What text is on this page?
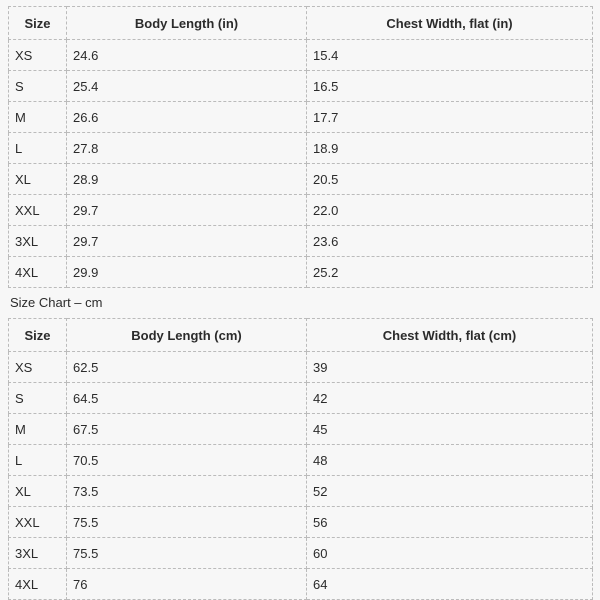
Size	Body Length (in)	Chest Width, flat (in)
XS	24.6	15.4
S	25.4	16.5
M	26.6	17.7
L	27.8	18.9
XL	28.9	20.5
XXL	29.7	22.0
3XL	29.7	23.6
4XL	29.9	25.2
Size Chart – cm
Size	Body Length (cm)	Chest Width, flat (cm)
XS	62.5	39
S	64.5	42
M	67.5	45
L	70.5	48
XL	73.5	52
XXL	75.5	56
3XL	75.5	60
4XL	76	64
